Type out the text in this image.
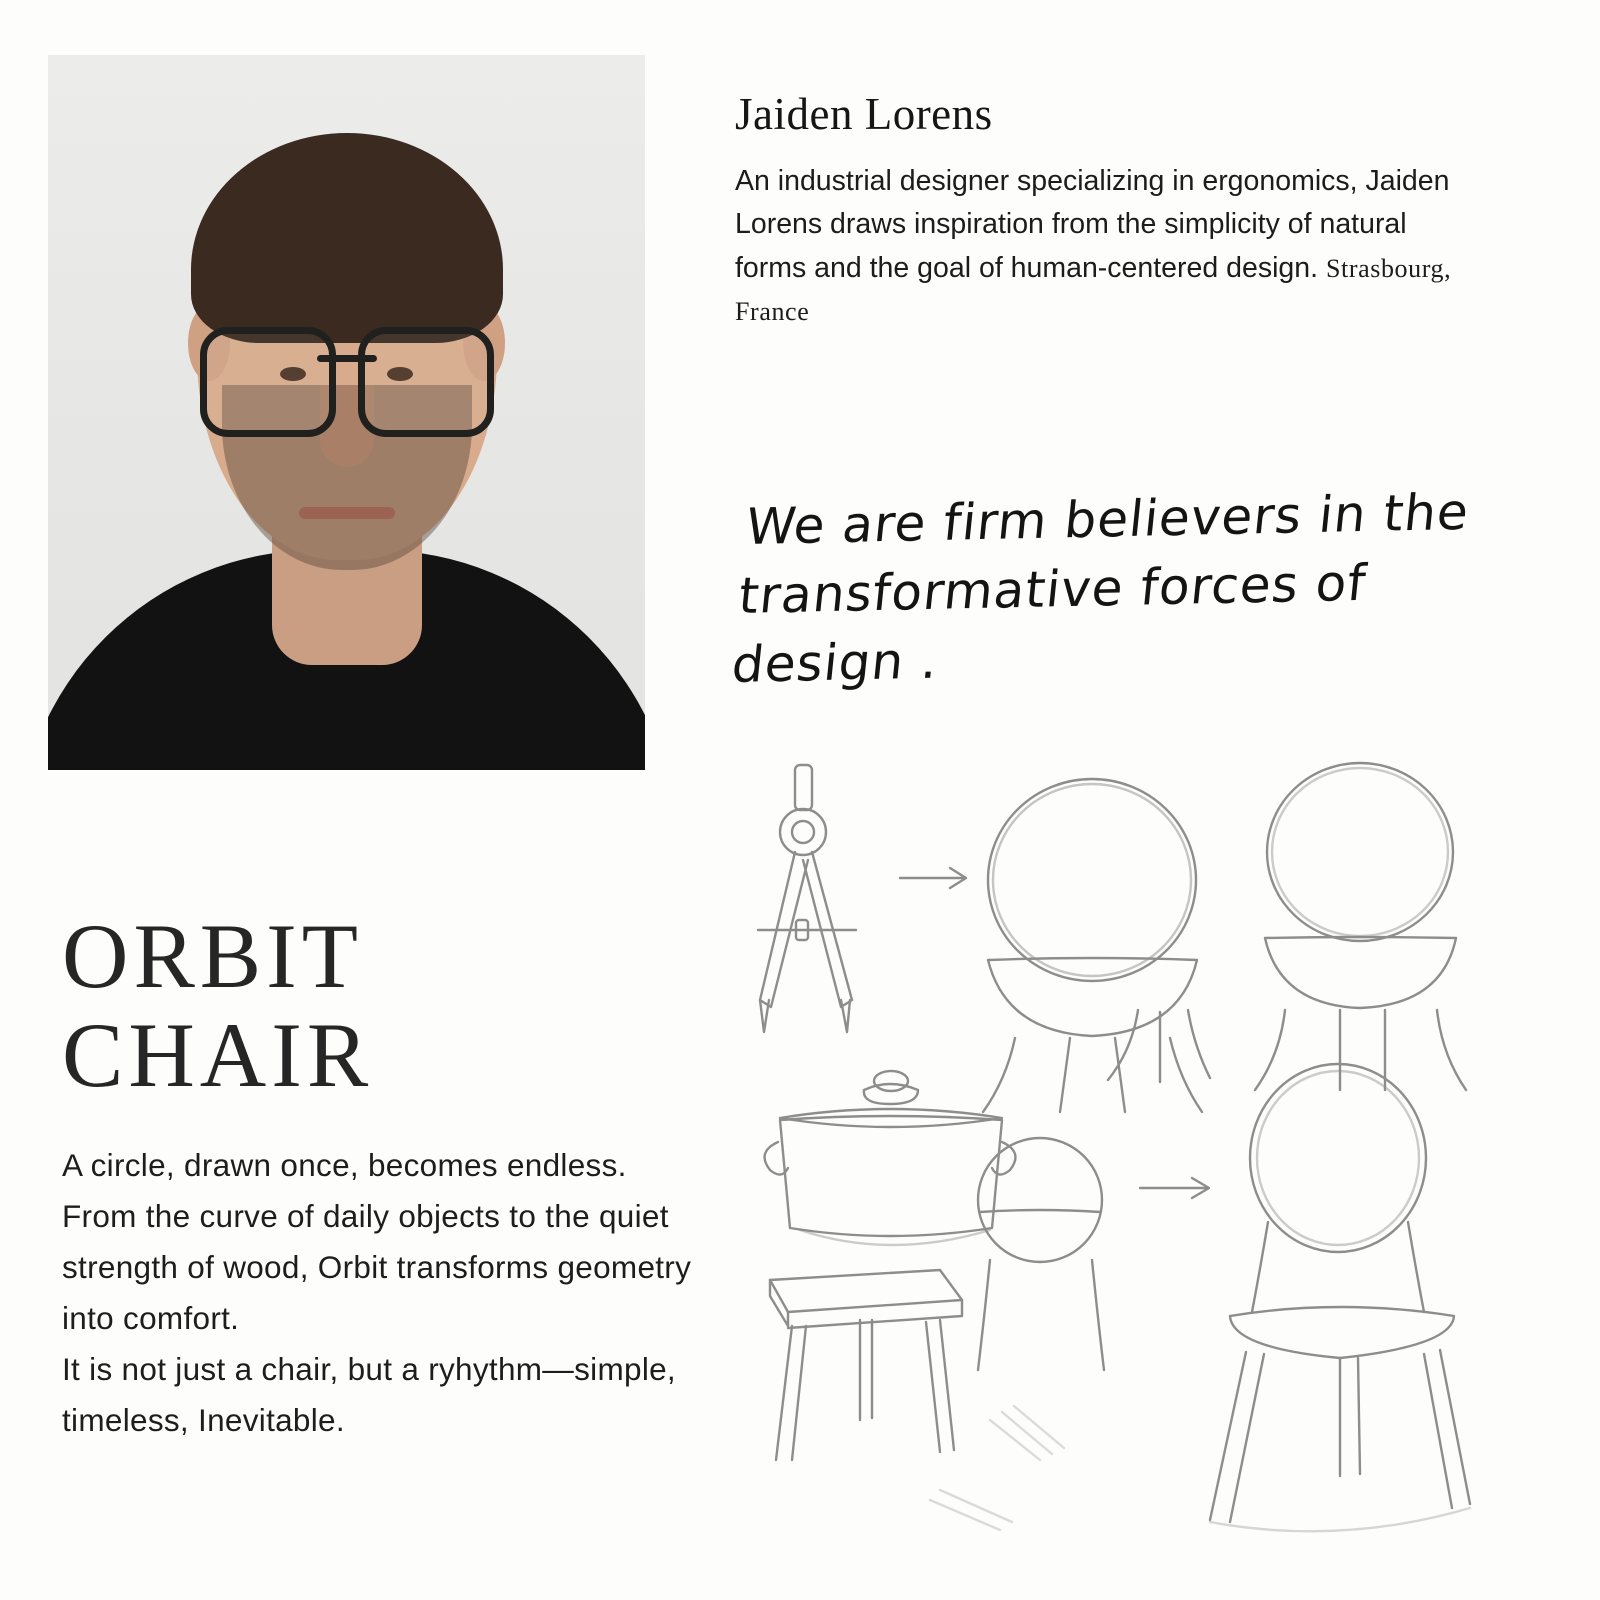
ORBIT
CHAIR

A circle, drawn once, becomes endless. From the curve of daily objects to the quiet strength of wood, Orbit transforms geometry into comfort.

It is not just a chair, but a ryhythm—simple, timeless, Inevitable.

Jaiden Lorens
An industrial designer specializing in ergonomics, Jaiden Lorens draws inspiration from the simplicity of natural forms and the goal of human-centered design. Strasbourg, France
We are firm believers in the transformative forces of design .
